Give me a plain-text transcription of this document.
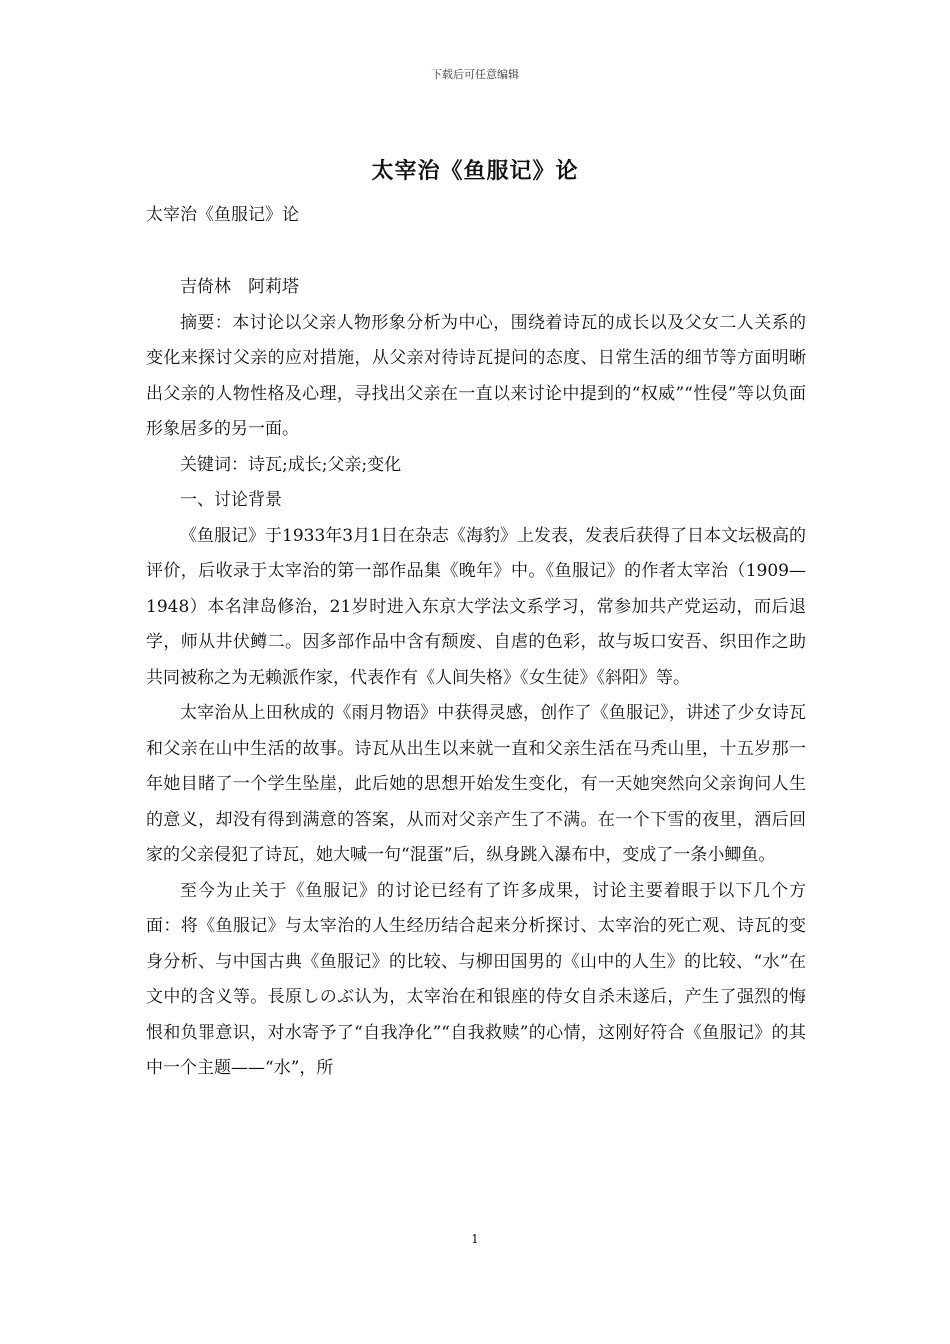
下载后可任意编辑
太宰治《鱼服记》论
太宰治《鱼服记》论

吉倚林　阿莉塔

摘要：本讨论以父亲人物形象分析为中心，围绕着诗瓦的成长以及父女二人关系的变化来探讨父亲的应对措施，从父亲对待诗瓦提问的态度、日常生活的细节等方面明晰出父亲的人物性格及心理，寻找出父亲在一直以来讨论中提到的“权威”“性侵”等以负面形象居多的另一面。

关键词：诗瓦;成长;父亲;变化

一、讨论背景

《鱼服记》于1933年3月1日在杂志《海豹》上发表，发表后获得了日本文坛极高的评价，后收录于太宰治的第一部作品集《晚年》中。《鱼服记》的作者太宰治（1909—1948）本名津岛修治，21岁时进入东京大学法文系学习，常参加共产党运动，而后退学，师从井伏鳟二。因多部作品中含有颓废、自虐的色彩，故与坂口安吾、织田作之助共同被称之为无赖派作家，代表作有《人间失格》《女生徒》《斜阳》等。

太宰治从上田秋成的《雨月物语》中获得灵感，创作了《鱼服记》，讲述了少女诗瓦和父亲在山中生活的故事。诗瓦从出生以来就一直和父亲生活在马秃山里，十五岁那一年她目睹了一个学生坠崖，此后她的思想开始发生变化，有一天她突然向父亲询问人生的意义，却没有得到满意的答案，从而对父亲产生了不满。在一个下雪的夜里，酒后回家的父亲侵犯了诗瓦，她大喊一句“混蛋”后，纵身跳入瀑布中，变成了一条小鲫鱼。

至今为止关于《鱼服记》的讨论已经有了许多成果，讨论主要着眼于以下几个方面：将《鱼服记》与太宰治的人生经历结合起来分析探讨、太宰治的死亡观、诗瓦的变身分析、与中国古典《鱼服记》的比较、与柳田国男的《山中的人生》的比较、“水”在文中的含义等。長原しのぶ认为，太宰治在和银座的侍女自杀未遂后，产生了强烈的悔恨和负罪意识，对水寄予了“自我净化”“自我救赎”的心情，这刚好符合《鱼服记》的其中一个主题——“水”，所

1
